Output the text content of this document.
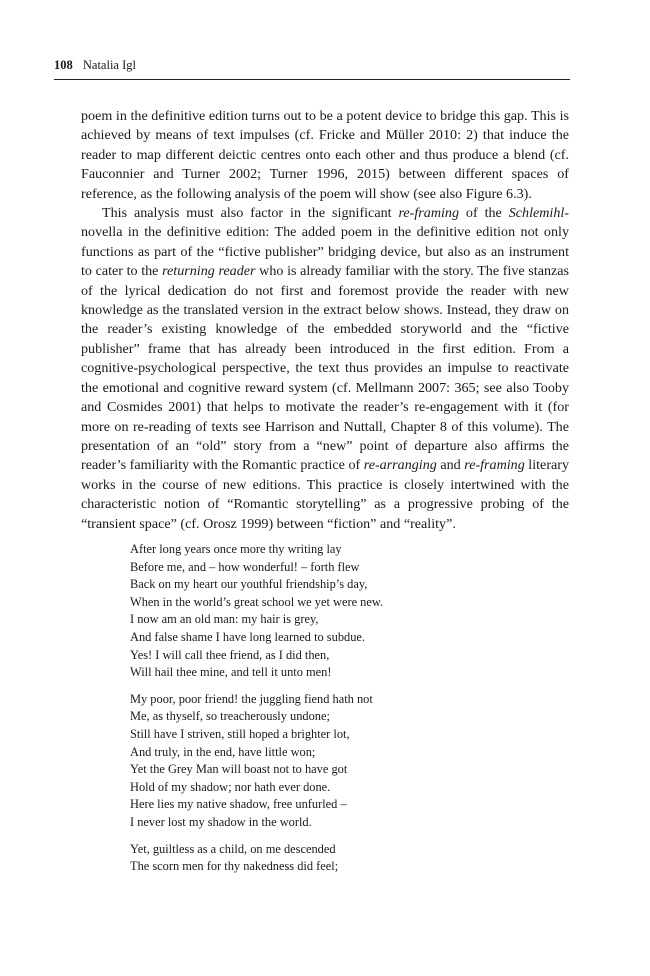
108 Natalia Igl

poem in the definitive edition turns out to be a potent device to bridge this gap. This is achieved by means of text impulses (cf. Fricke and Müller 2010: 2) that induce the reader to map different deictic centres onto each other and thus produce a blend (cf. Fauconnier and Turner 2002; Turner 1996, 2015) between different spaces of reference, as the following analysis of the poem will show (see also Figure 6.3).

This analysis must also factor in the significant re-framing of the Schlemihl-novella in the definitive edition: The added poem in the definitive edition not only functions as part of the “fictive publisher” bridging device, but also as an instrument to cater to the returning reader who is already familiar with the story. The five stanzas of the lyrical dedication do not first and foremost provide the reader with new knowledge as the translated version in the extract below shows. Instead, they draw on the reader’s existing knowledge of the embedded storyworld and the “fictive publisher” frame that has already been introduced in the first edition. From a cognitive-psychological perspective, the text thus provides an impulse to reactivate the emotional and cognitive reward system (cf. Mellmann 2007: 365; see also Tooby and Cosmides 2001) that helps to motivate the reader’s re-engagement with it (for more on re-reading of texts see Harrison and Nuttall, Chapter 8 of this volume). The presentation of an “old” story from a “new” point of departure also affirms the reader’s familiarity with the Romantic practice of re-arranging and re-framing literary works in the course of new editions. This practice is closely intertwined with the characteristic notion of “Romantic storytelling” as a progressive probing of the “transient space” (cf. Orosz 1999) between “fiction” and “reality”.

After long years once more thy writing lay
Before me, and – how wonderful! – forth flew
Back on my heart our youthful friendship’s day,
When in the world’s great school we yet were new.
I now am an old man: my hair is grey,
And false shame I have long learned to subdue.
Yes! I will call thee friend, as I did then,
Will hail thee mine, and tell it unto men!
My poor, poor friend! the juggling fiend hath not
Me, as thyself, so treacherously undone;
Still have I striven, still hoped a brighter lot,
And truly, in the end, have little won;
Yet the Grey Man will boast not to have got
Hold of my shadow; nor hath ever done.
Here lies my native shadow, free unfurled –
I never lost my shadow in the world.
Yet, guiltless as a child, on me descended
The scorn men for thy nakedness did feel;
